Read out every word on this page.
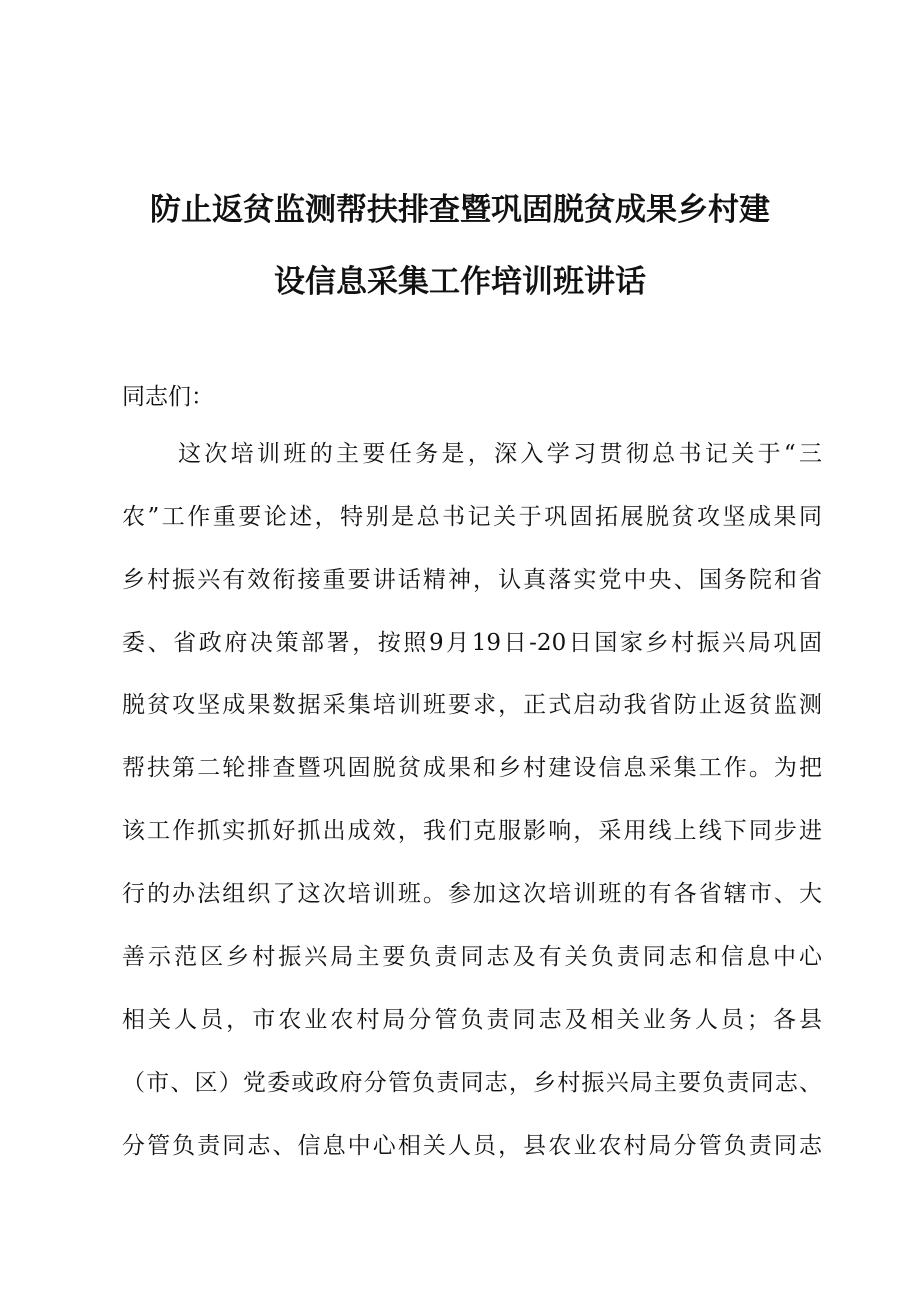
防止返贫监测帮扶排查暨巩固脱贫成果乡村建
设信息采集工作培训班讲话
同志们：
这次培训班的主要任务是，深入学习贯彻总书记关于“三
农”工作重要论述，特别是总书记关于巩固拓展脱贫攻坚成果同
乡村振兴有效衔接重要讲话精神，认真落实党中央、国务院和省
委、省政府决策部署，按照9月19日-20日国家乡村振兴局巩固
脱贫攻坚成果数据采集培训班要求，正式启动我省防止返贫监测
帮扶第二轮排查暨巩固脱贫成果和乡村建设信息采集工作。为把
该工作抓实抓好抓出成效，我们克服影响，采用线上线下同步进
行的办法组织了这次培训班。参加这次培训班的有各省辖市、大
善示范区乡村振兴局主要负责同志及有关负责同志和信息中心
相关人员，市农业农村局分管负责同志及相关业务人员；各县
（市、区）党委或政府分管负责同志，乡村振兴局主要负责同志、
分管负责同志、信息中心相关人员，县农业农村局分管负责同志
